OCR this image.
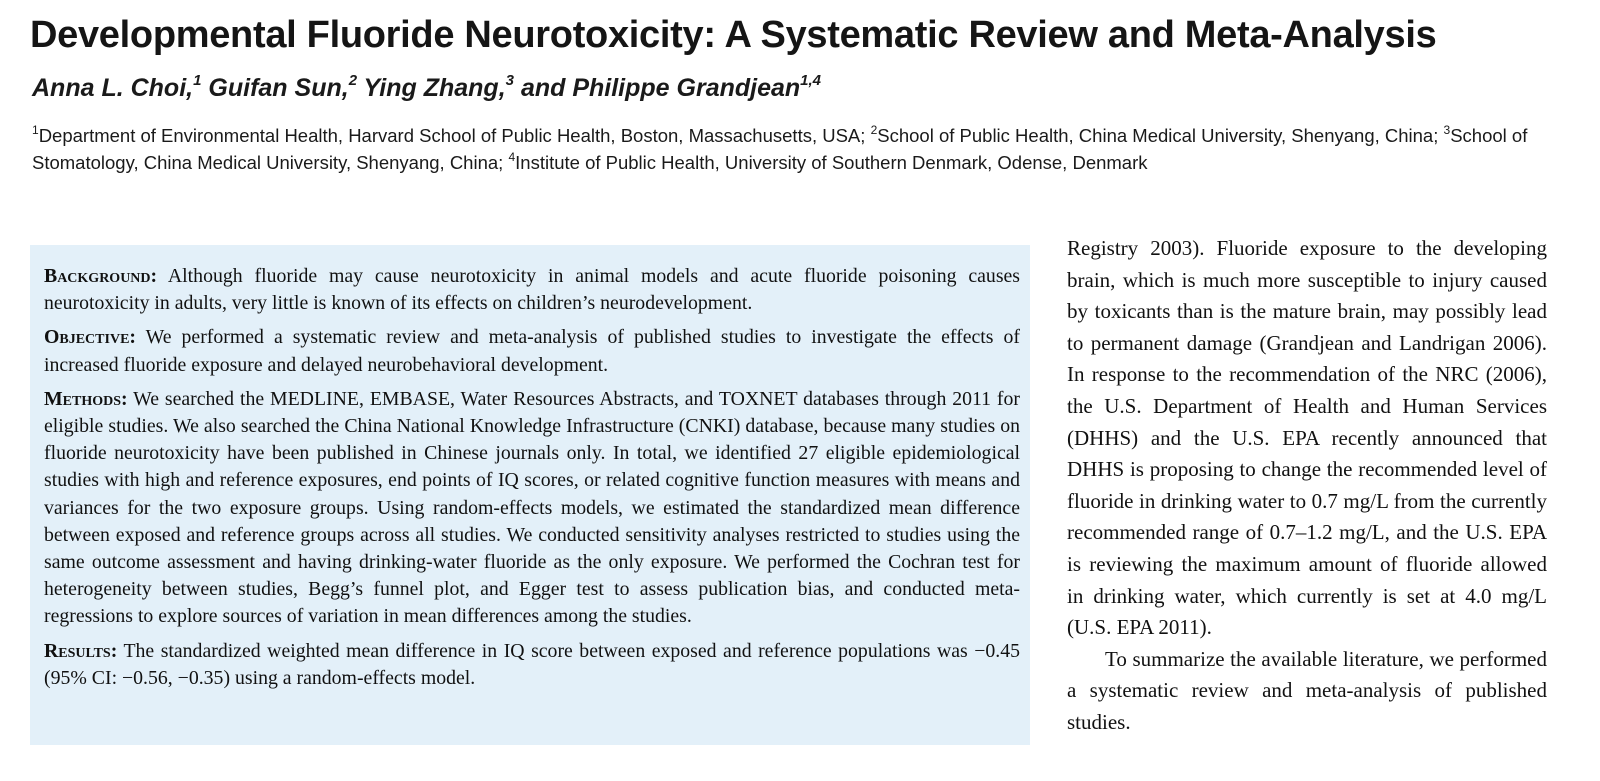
Developmental Fluoride Neurotoxicity: A Systematic Review and Meta-Analysis
Anna L. Choi,$^1$ Guifan Sun,$^2$ Ying Zhang,$^3$ and Philippe Grandjean$^{1,4}$
$^1$Department of Environmental Health, Harvard School of Public Health, Boston, Massachusetts, USA; $^2$School of Public Health, China Medical University, Shenyang, China; $^3$School of Stomatology, China Medical University, Shenyang, China; $^4$Institute of Public Health, University of Southern Denmark, Odense, Denmark

Background: Although fluoride may cause neurotoxicity in animal models and acute fluoride poisoning causes neurotoxicity in adults, very little is known of its effects on children’s neurodevelopment.

Objective: We performed a systematic review and meta-analysis of published studies to investigate the effects of increased fluoride exposure and delayed neurobehavioral development.

Methods: We searched the MEDLINE, EMBASE, Water Resources Abstracts, and TOXNET databases through 2011 for eligible studies. We also searched the China National Knowledge Infrastructure (CNKI) database, because many studies on fluoride neurotoxicity have been published in Chinese journals only. In total, we identified 27 eligible epidemiological studies with high and reference exposures, end points of IQ scores, or related cognitive function measures with means and variances for the two exposure groups. Using random-effects models, we estimated the standardized mean difference between exposed and reference groups across all studies. We conducted sensitivity analyses restricted to studies using the same outcome assessment and having drinking-water fluoride as the only exposure. We performed the Cochran test for heterogeneity between studies, Begg’s funnel plot, and Egger test to assess publication bias, and conducted meta-regressions to explore sources of variation in mean differences among the studies.

Results: The standardized weighted mean difference in IQ score between exposed and reference populations was −0.45 (95% CI: −0.56, −0.35) using a random-effects model.

Registry 2003). Fluoride exposure to the developing brain, which is much more susceptible to injury caused by toxicants than is the mature brain, may possibly lead to permanent damage (Grandjean and Landrigan 2006). In response to the recommendation of the NRC (2006), the U.S. Department of Health and Human Services (DHHS) and the U.S. EPA recently announced that DHHS is proposing to change the recommended level of fluoride in drinking water to 0.7 mg/L from the currently recommended range of 0.7–1.2 mg/L, and the U.S. EPA is reviewing the maximum amount of fluoride allowed in drinking water, which currently is set at 4.0 mg/L (U.S. EPA 2011).

To summarize the available literature, we performed a systematic review and meta-analysis of published studies.
